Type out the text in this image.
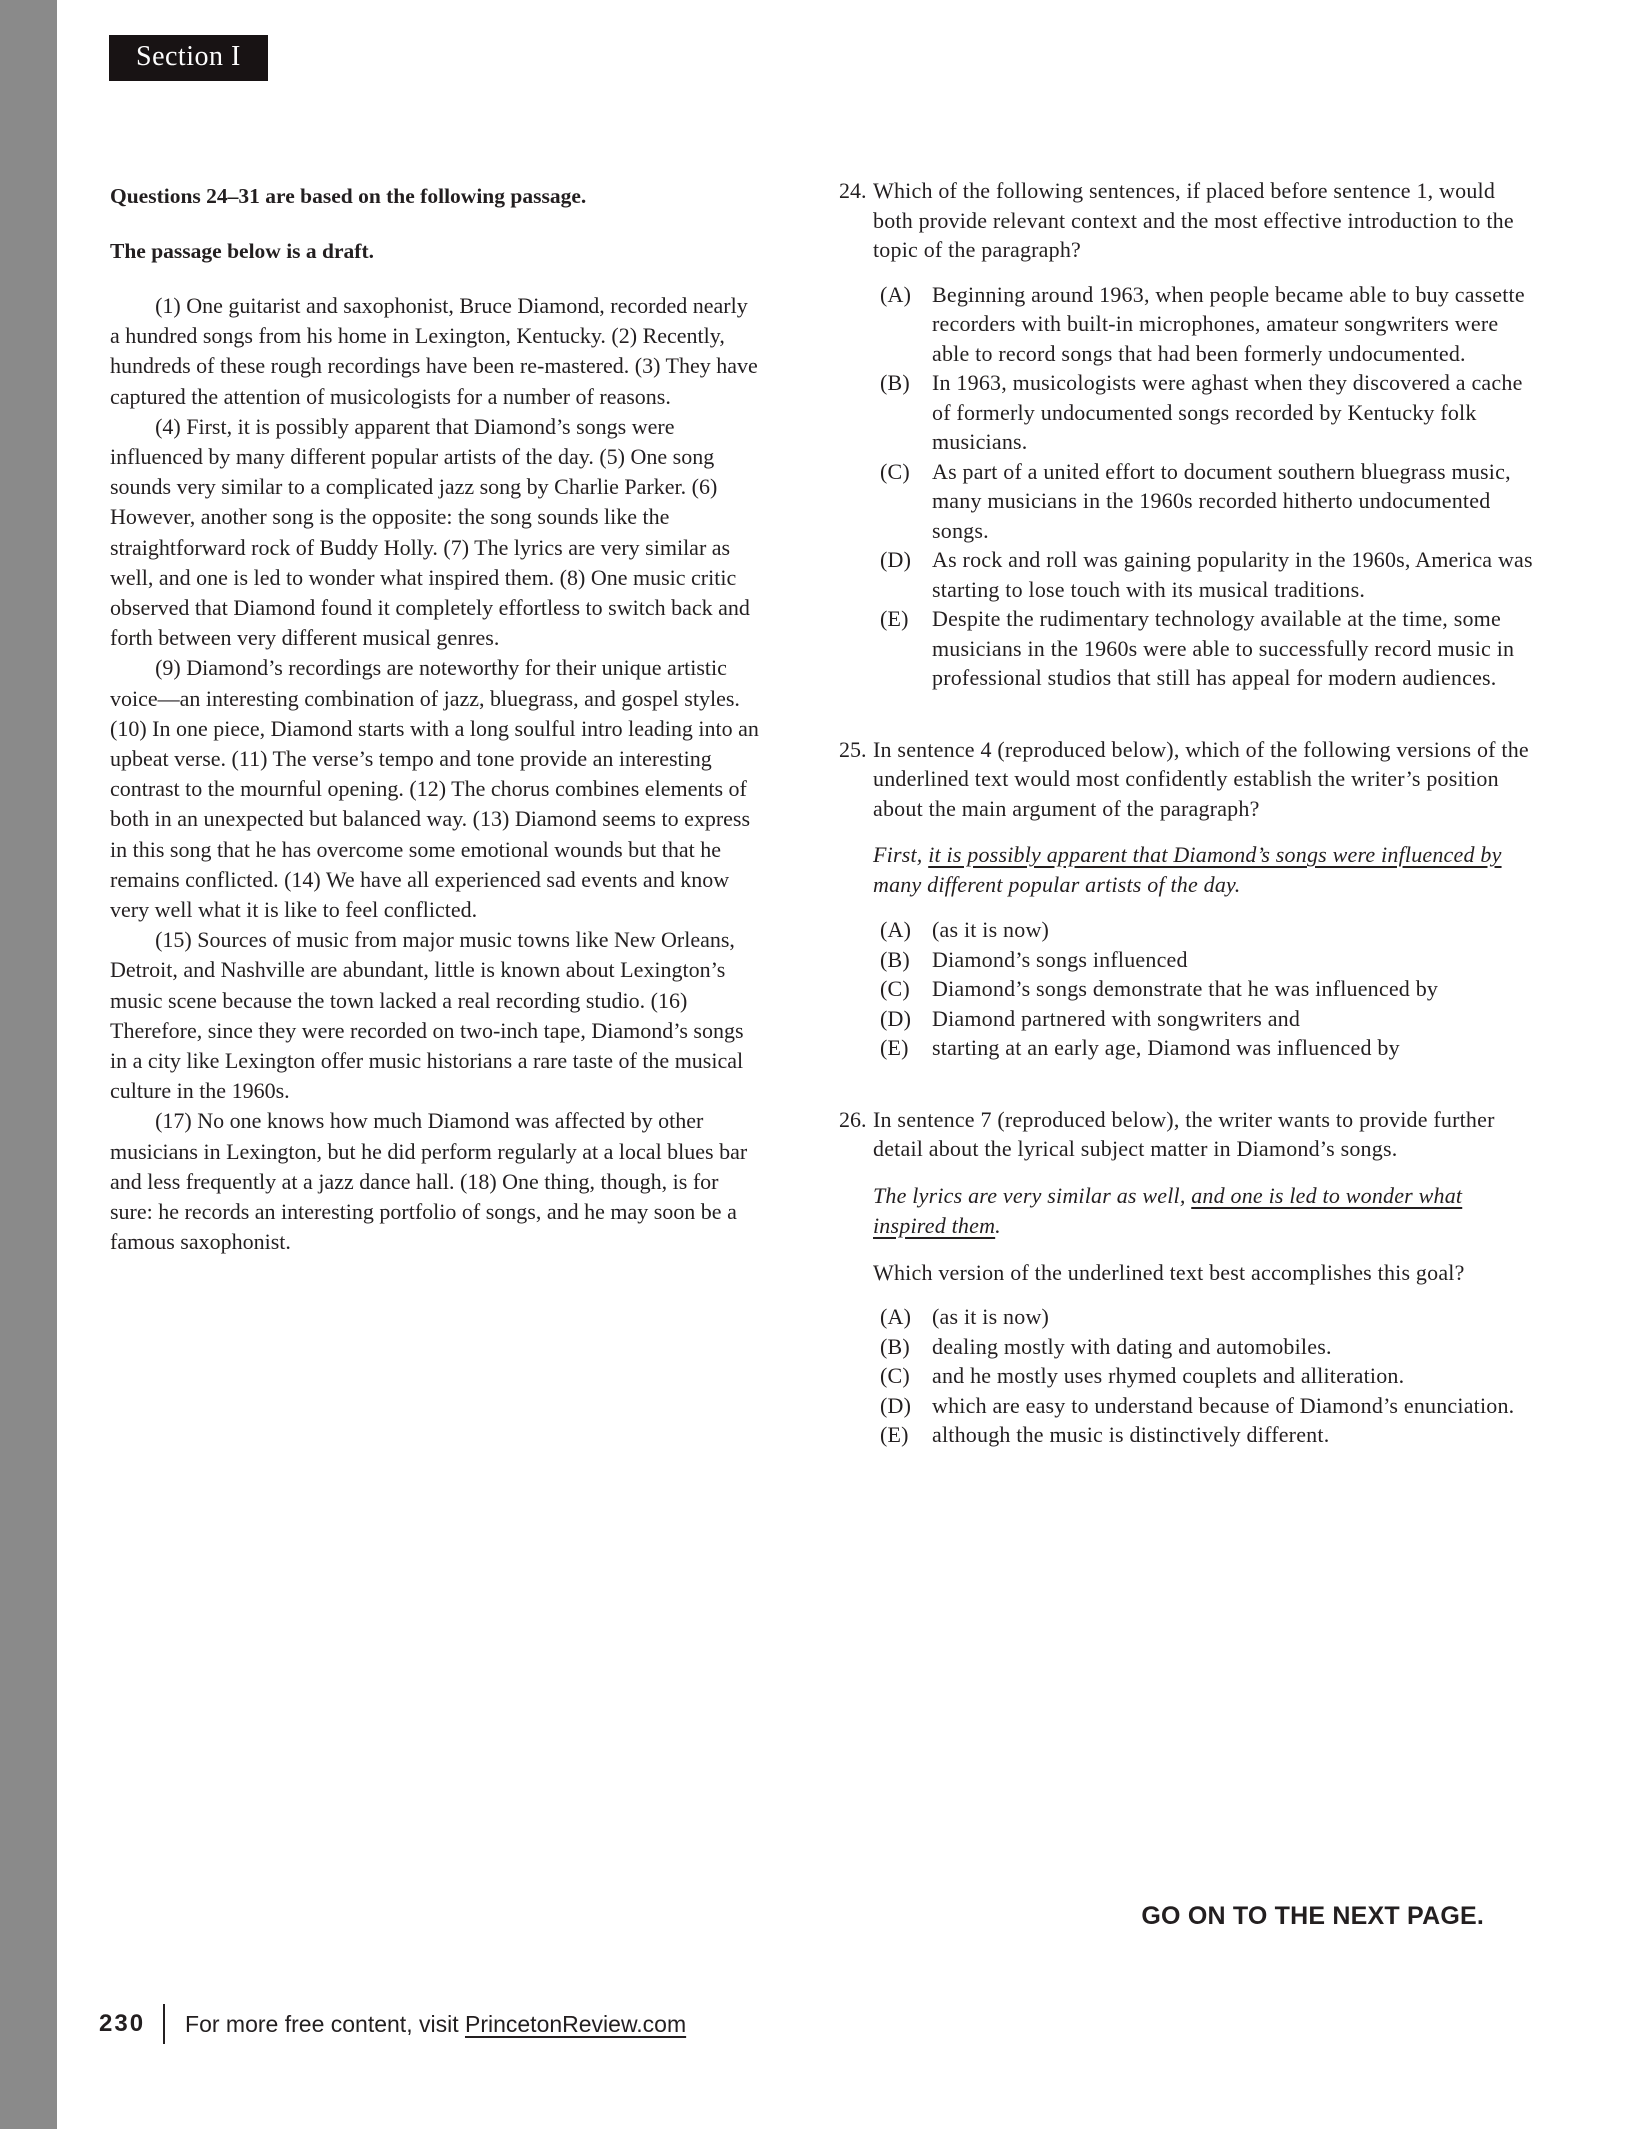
Section I

Questions 24–31 are based on the following passage.

The passage below is a draft.

(1) One guitarist and saxophonist, Bruce Diamond, recorded nearly a hundred songs from his home in Lexington, Kentucky. (2) Recently, hundreds of these rough recordings have been re-mastered. (3) They have captured the attention of musicologists for a number of reasons.

(4) First, it is possibly apparent that Diamond’s songs were influenced by many different popular artists of the day. (5) One song sounds very similar to a complicated jazz song by Charlie Parker. (6) However, another song is the opposite: the song sounds like the straightforward rock of Buddy Holly. (7) The lyrics are very similar as well, and one is led to wonder what inspired them. (8) One music critic observed that Diamond found it completely effortless to switch back and forth between very different musical genres.

(9) Diamond’s recordings are noteworthy for their unique artistic voice—an interesting combination of jazz, bluegrass, and gospel styles. (10) In one piece, Diamond starts with a long soulful intro leading into an upbeat verse. (11) The verse’s tempo and tone provide an interesting contrast to the mournful opening. (12) The chorus combines elements of both in an unexpected but balanced way. (13) Diamond seems to express in this song that he has overcome some emotional wounds but that he remains conflicted. (14) We have all experienced sad events and know very well what it is like to feel conflicted.

(15) Sources of music from major music towns like New Orleans, Detroit, and Nashville are abundant, little is known about Lexington’s music scene because the town lacked a real recording studio. (16) Therefore, since they were recorded on two-inch tape, Diamond’s songs in a city like Lexington offer music historians a rare taste of the musical culture in the 1960s.

(17) No one knows how much Diamond was affected by other musicians in Lexington, but he did perform regularly at a local blues bar and less frequently at a jazz dance hall. (18) One thing, though, is for sure: he records an interesting portfolio of songs, and he may soon be a famous saxophonist.

24. Which of the following sentences, if placed before sentence 1, would both provide relevant context and the most effective introduction to the topic of the paragraph?

(A) Beginning around 1963, when people became able to buy cassette recorders with built-in microphones, amateur songwriters were able to record songs that had been formerly undocumented.
(B)	In 1963, musicologists were aghast when they discovered a cache of formerly undocumented songs recorded by Kentucky folk musicians.
(C)	As part of a united effort to document southern bluegrass music, many musicians in the 1960s recorded hitherto undocumented songs.
(D) As rock and roll was gaining popularity in the 1960s, America was starting to lose touch with its musical traditions.
(E)	Despite the rudimentary technology available at the time, some musicians in the 1960s were able to successfully record music in professional studios that still has appeal for modern audiences.
25. In sentence 4 (reproduced below), which of the following versions of the underlined text would most confidently establish the writer’s position about the main argument of the paragraph?

First, it is possibly apparent that Diamond’s songs were influenced by many different popular artists of the day.

(A) (as it is now)
(B)	Diamond’s songs influenced
(C)	Diamond’s songs demonstrate that he was influenced by
(D) Diamond partnered with songwriters and
(E)	starting at an early age, Diamond was influenced by
26. In sentence 7 (reproduced below), the writer wants to provide further detail about the lyrical subject matter in Diamond’s songs.

The lyrics are very similar as well, and one is led to wonder what inspired them.

Which version of the underlined text best accomplishes this goal?

(A) (as it is now)
(B)	dealing mostly with dating and automobiles.
(C)	and he mostly uses rhymed couplets and alliteration.
(D) which are easy to understand because of Diamond’s enunciation.
(E)	although the music is distinctively different.
GO ON TO THE NEXT PAGE.
230 For more free content, visit PrincetonReview.com
